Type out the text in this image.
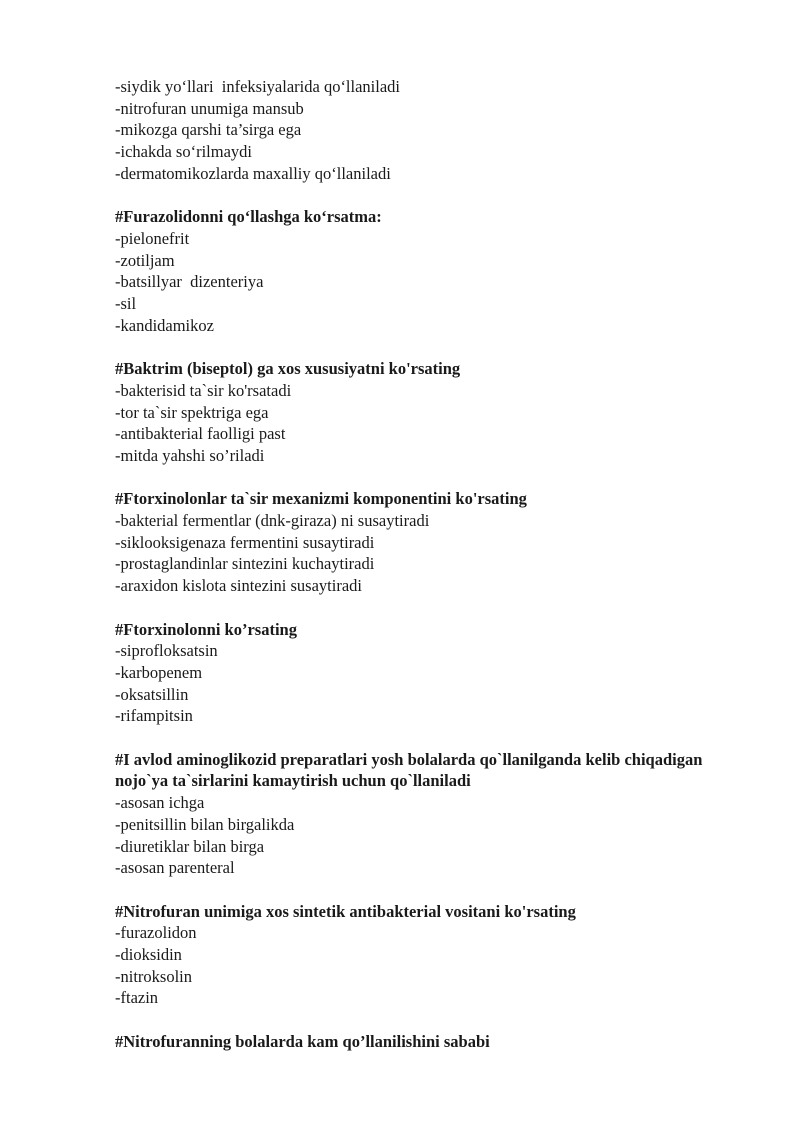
-siydik yo‘llari  infeksiyalarida qo‘llaniladi
-nitrofuran unumiga mansub
-mikozga qarshi ta’sirga ega
-ichakda so‘rilmaydi
-dermatomikozlarda maxalliy qo‘llaniladi
#Furazolidonni qo‘llashga ko‘rsatma:
-pielonefrit
-zotiljam
-batsillyar  dizenteriya
-sil
-kandidamikoz
#Baktrim (biseptol) ga xos xususiyatni ko'rsating
-bakterisid ta`sir ko'rsatadi
-tor ta`sir spektriga ega
-antibakterial faolligi past
-mitda yahshi so’riladi
#Ftorxinolonlar ta`sir mexanizmi komponentini ko'rsating
-bakterial fermentlar (dnk-giraza) ni susaytiradi
-siklooksigenaza fermentini susaytiradi
-prostaglandinlar sintezini kuchaytiradi
-araxidon kislota sintezini susaytiradi
#Ftorxinolonni ko’rsating
-siprofloksatsin
-karbopenem
-oksatsillin
-rifampitsin
#I avlod aminoglikozid preparatlari yosh bolalarda qo`llanilganda kelib chiqadigan nojo`ya ta`sirlarini kamaytirish uchun qo`llaniladi
-asosan ichga
-penitsillin bilan birgalikda
-diuretiklar bilan birga
-asosan parenteral
#Nitrofuran unimiga xos sintetik antibakterial vositani ko'rsating
-furazolidon
-dioksidin
-nitroksolin
-ftazin
#Nitrofuranning bolalarda kam qo’llanilishini sababi
